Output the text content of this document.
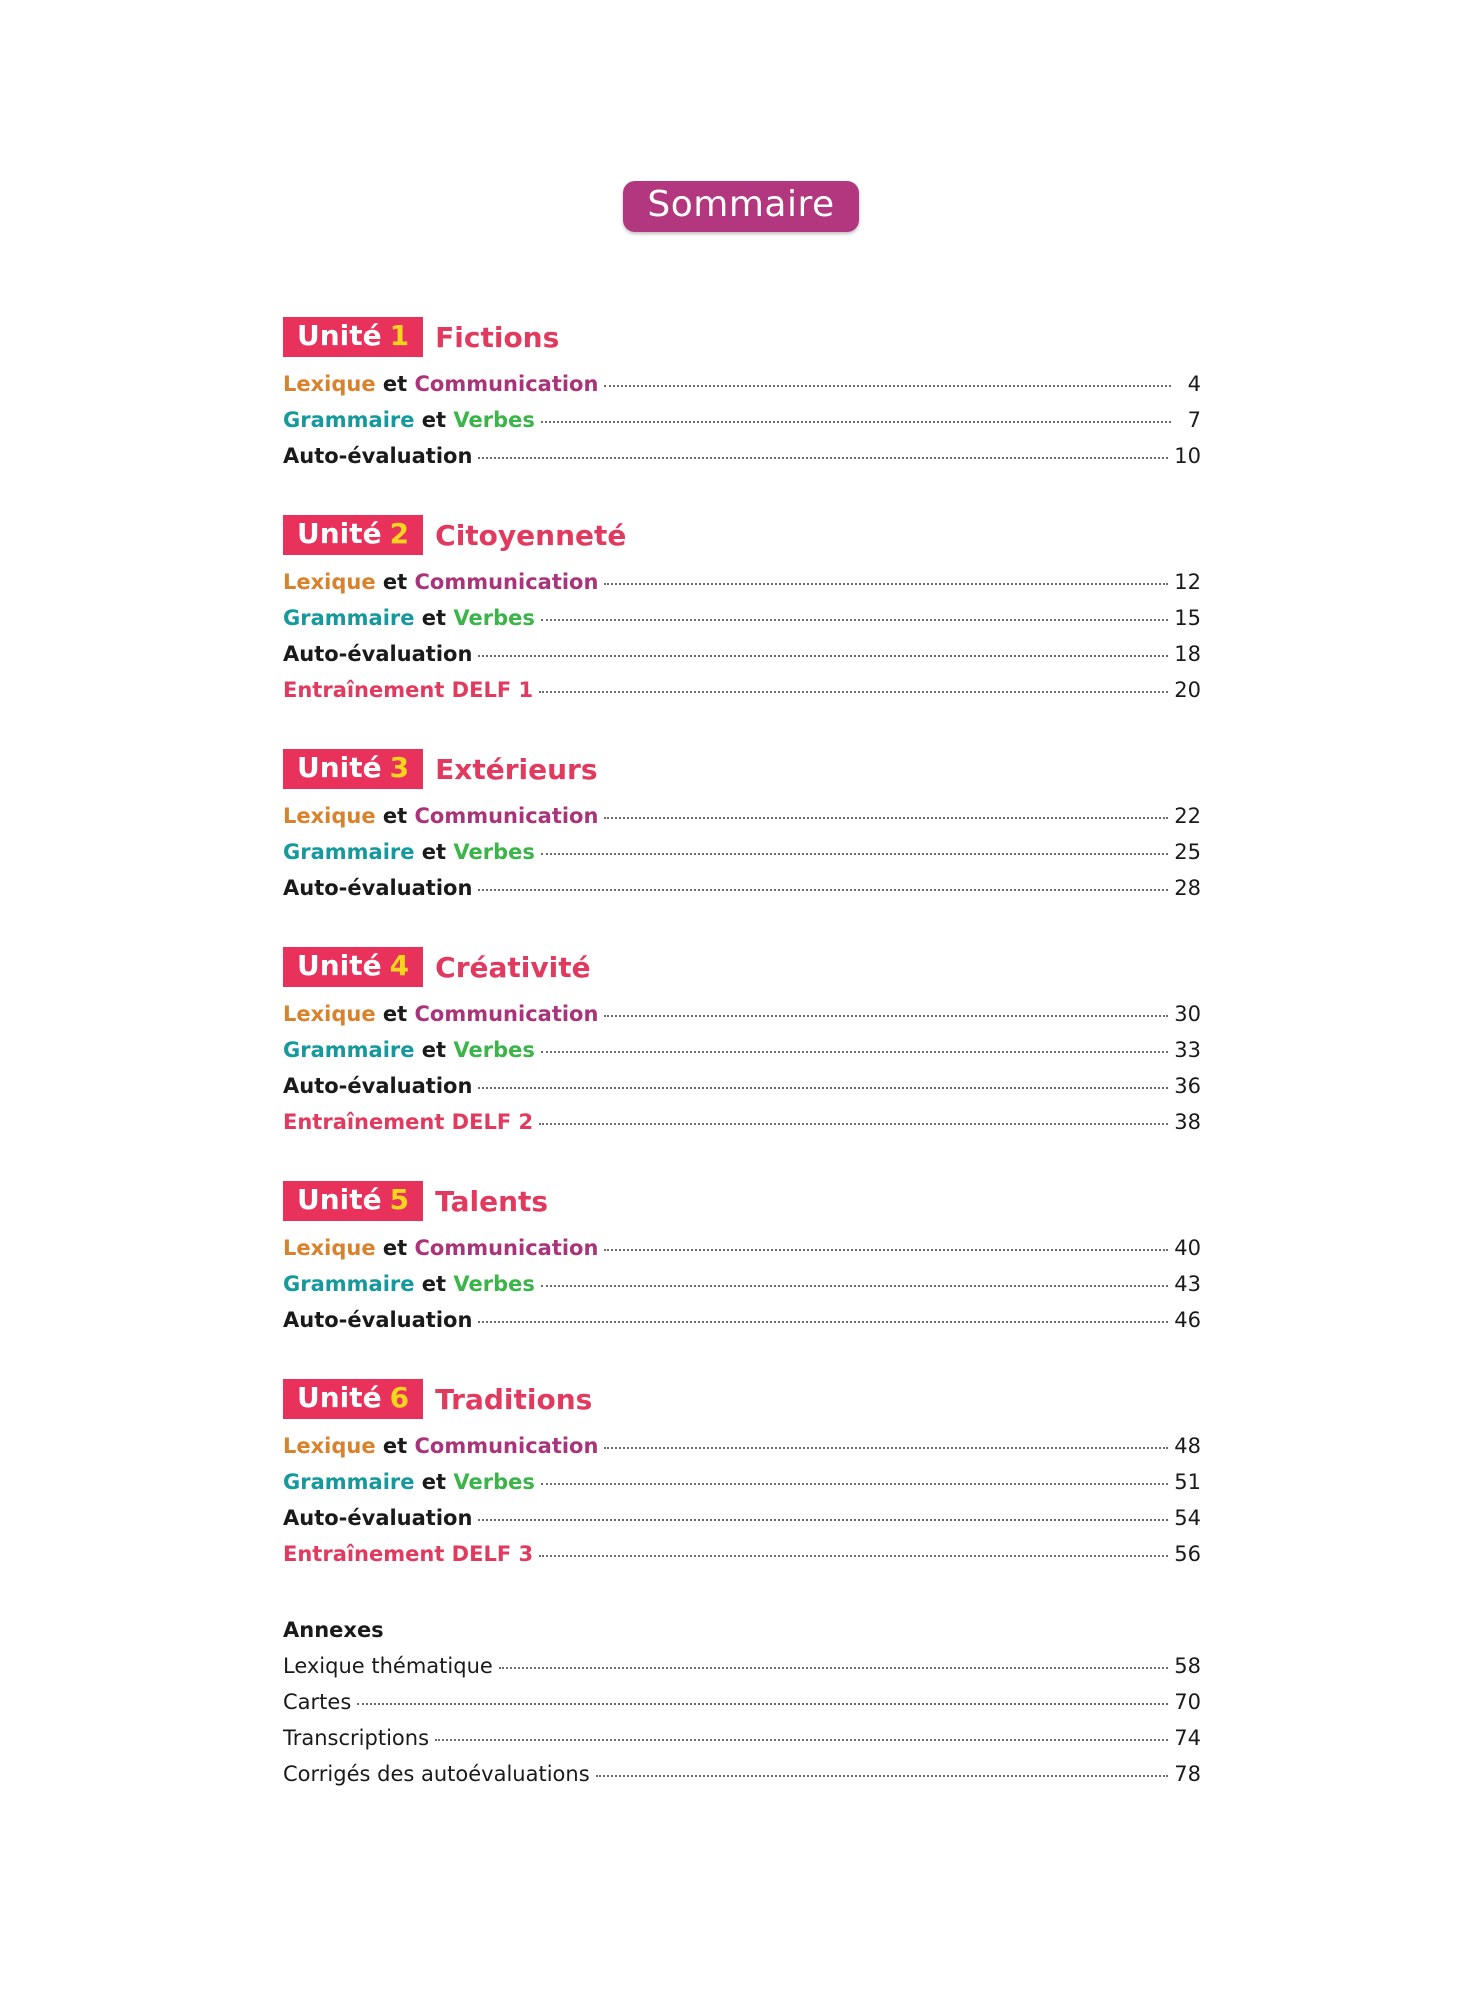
Sommaire
Unité 1 Fictions
Lexique et Communication	4
Grammaire et Verbes	7
Auto-évaluation	10
Unité 2 Citoyenneté
Lexique et Communication	12
Grammaire et Verbes	15
Auto-évaluation	18
Entraînement DELF 1	20
Unité 3 Extérieurs
Lexique et Communication	22
Grammaire et Verbes	25
Auto-évaluation	28
Unité 4 Créativité
Lexique et Communication	30
Grammaire et Verbes	33
Auto-évaluation	36
Entraînement DELF 2	38
Unité 5 Talents
Lexique et Communication	40
Grammaire et Verbes	43
Auto-évaluation	46
Unité 6 Traditions
Lexique et Communication	48
Grammaire et Verbes	51
Auto-évaluation	54
Entraînement DELF 3	56
Annexes
Lexique thématique	58
Cartes	70
Transcriptions	74
Corrigés des autoévaluations	78
